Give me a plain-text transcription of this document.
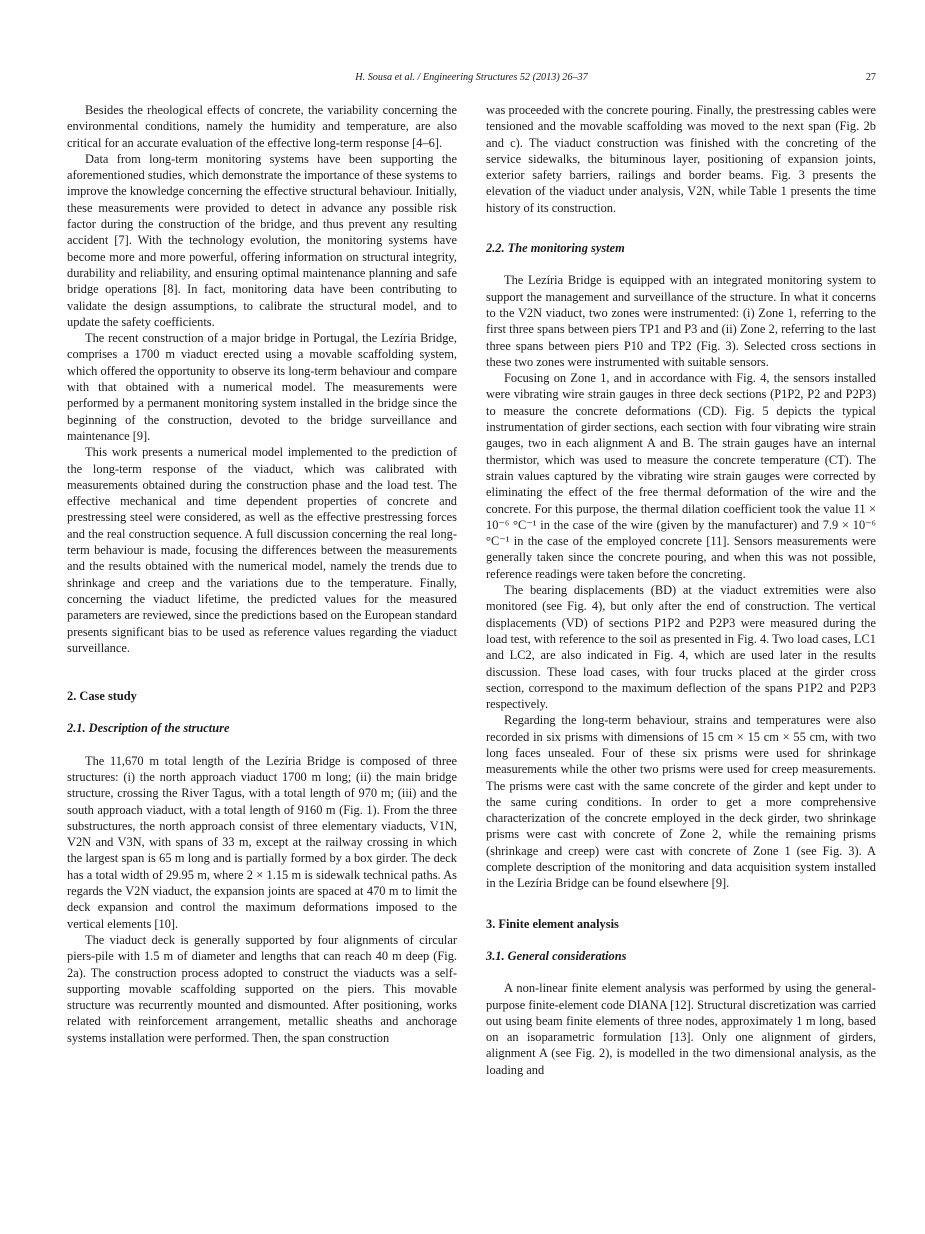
H. Sousa et al. / Engineering Structures 52 (2013) 26–37	27

Besides the rheological effects of concrete, the variability concerning the environmental conditions, namely the humidity and temperature, are also critical for an accurate evaluation of the effective long-term response [4–6].

Data from long-term monitoring systems have been supporting the aforementioned studies, which demonstrate the importance of these systems to improve the knowledge concerning the effective structural behaviour. Initially, these measurements were provided to detect in advance any possible risk factor during the construction of the bridge, and thus prevent any resulting accident [7]. With the technology evolution, the monitoring systems have become more and more powerful, offering information on structural integrity, durability and reliability, and ensuring optimal maintenance planning and safe bridge operations [8]. In fact, monitoring data have been contributing to validate the design assumptions, to calibrate the structural model, and to update the safety coefficients.

The recent construction of a major bridge in Portugal, the Lezíria Bridge, comprises a 1700 m viaduct erected using a movable scaffolding system, which offered the opportunity to observe its long-term behaviour and compare with that obtained with a numerical model. The measurements were performed by a permanent monitoring system installed in the bridge since the beginning of the construction, devoted to the bridge surveillance and maintenance [9].

This work presents a numerical model implemented to the prediction of the long-term response of the viaduct, which was calibrated with measurements obtained during the construction phase and the load test. The effective mechanical and time dependent properties of concrete and prestressing steel were considered, as well as the effective prestressing forces and the real construction sequence. A full discussion concerning the real long-term behaviour is made, focusing the differences between the measurements and the results obtained with the numerical model, namely the trends due to shrinkage and creep and the variations due to the temperature. Finally, concerning the viaduct lifetime, the predicted values for the measured parameters are reviewed, since the predictions based on the European standard presents significant bias to be used as reference values regarding the viaduct surveillance.

2. Case study
2.1. Description of the structure

The 11,670 m total length of the Lezíria Bridge is composed of three structures: (i) the north approach viaduct 1700 m long; (ii) the main bridge structure, crossing the River Tagus, with a total length of 970 m; (iii) and the south approach viaduct, with a total length of 9160 m (Fig. 1). From the three substructures, the north approach consist of three elementary viaducts, V1N, V2N and V3N, with spans of 33 m, except at the railway crossing in which the largest span is 65 m long and is partially formed by a box girder. The deck has a total width of 29.95 m, where 2 × 1.15 m is sidewalk technical paths. As regards the V2N viaduct, the expansion joints are spaced at 470 m to limit the deck expansion and control the maximum deformations imposed to the vertical elements [10].

The viaduct deck is generally supported by four alignments of circular piers-pile with 1.5 m of diameter and lengths that can reach 40 m deep (Fig. 2a). The construction process adopted to construct the viaducts was a self-supporting movable scaffolding supported on the piers. This movable structure was recurrently mounted and dismounted. After positioning, works related with reinforcement arrangement, metallic sheaths and anchorage systems installation were performed. Then, the span construction

was proceeded with the concrete pouring. Finally, the prestressing cables were tensioned and the movable scaffolding was moved to the next span (Fig. 2b and c). The viaduct construction was finished with the concreting of the service sidewalks, the bituminous layer, positioning of expansion joints, exterior safety barriers, railings and border beams. Fig. 3 presents the elevation of the viaduct under analysis, V2N, while Table 1 presents the time history of its construction.

2.2. The monitoring system

The Lezíria Bridge is equipped with an integrated monitoring system to support the management and surveillance of the structure. In what it concerns to the V2N viaduct, two zones were instrumented: (i) Zone 1, referring to the first three spans between piers TP1 and P3 and (ii) Zone 2, referring to the last three spans between piers P10 and TP2 (Fig. 3). Selected cross sections in these two zones were instrumented with suitable sensors.

Focusing on Zone 1, and in accordance with Fig. 4, the sensors installed were vibrating wire strain gauges in three deck sections (P1P2, P2 and P2P3) to measure the concrete deformations (CD). Fig. 5 depicts the typical instrumentation of girder sections, each section with four vibrating wire strain gauges, two in each alignment A and B. The strain gauges have an internal thermistor, which was used to measure the concrete temperature (CT). The strain values captured by the vibrating wire strain gauges were corrected by eliminating the effect of the free thermal deformation of the wire and the concrete. For this purpose, the thermal dilation coefficient took the value 11 × 10⁻⁶ °C⁻¹ in the case of the wire (given by the manufacturer) and 7.9 × 10⁻⁶ °C⁻¹ in the case of the employed concrete [11]. Sensors measurements were generally taken since the concrete pouring, and when this was not possible, reference readings were taken before the concreting.

The bearing displacements (BD) at the viaduct extremities were also monitored (see Fig. 4), but only after the end of construction. The vertical displacements (VD) of sections P1P2 and P2P3 were measured during the load test, with reference to the soil as presented in Fig. 4. Two load cases, LC1 and LC2, are also indicated in Fig. 4, which are used later in the results discussion. These load cases, with four trucks placed at the girder cross section, correspond to the maximum deflection of the spans P1P2 and P2P3 respectively.

Regarding the long-term behaviour, strains and temperatures were also recorded in six prisms with dimensions of 15 cm × 15 cm × 55 cm, with two long faces unsealed. Four of these six prisms were used for shrinkage measurements while the other two prisms were used for creep measurements. The prisms were cast with the same concrete of the girder and kept under to the same curing conditions. In order to get a more comprehensive characterization of the concrete employed in the deck girder, two shrinkage prisms were cast with concrete of Zone 2, while the remaining prisms (shrinkage and creep) were cast with concrete of Zone 1 (see Fig. 3). A complete description of the monitoring and data acquisition system installed in the Lezíria Bridge can be found elsewhere [9].

3. Finite element analysis
3.1. General considerations

A non-linear finite element analysis was performed by using the general-purpose finite-element code DIANA [12]. Structural discretization was carried out using beam finite elements of three nodes, approximately 1 m long, based on an isoparametric formulation [13]. Only one alignment of girders, alignment A (see Fig. 2), is modelled in the two dimensional analysis, as the loading and
